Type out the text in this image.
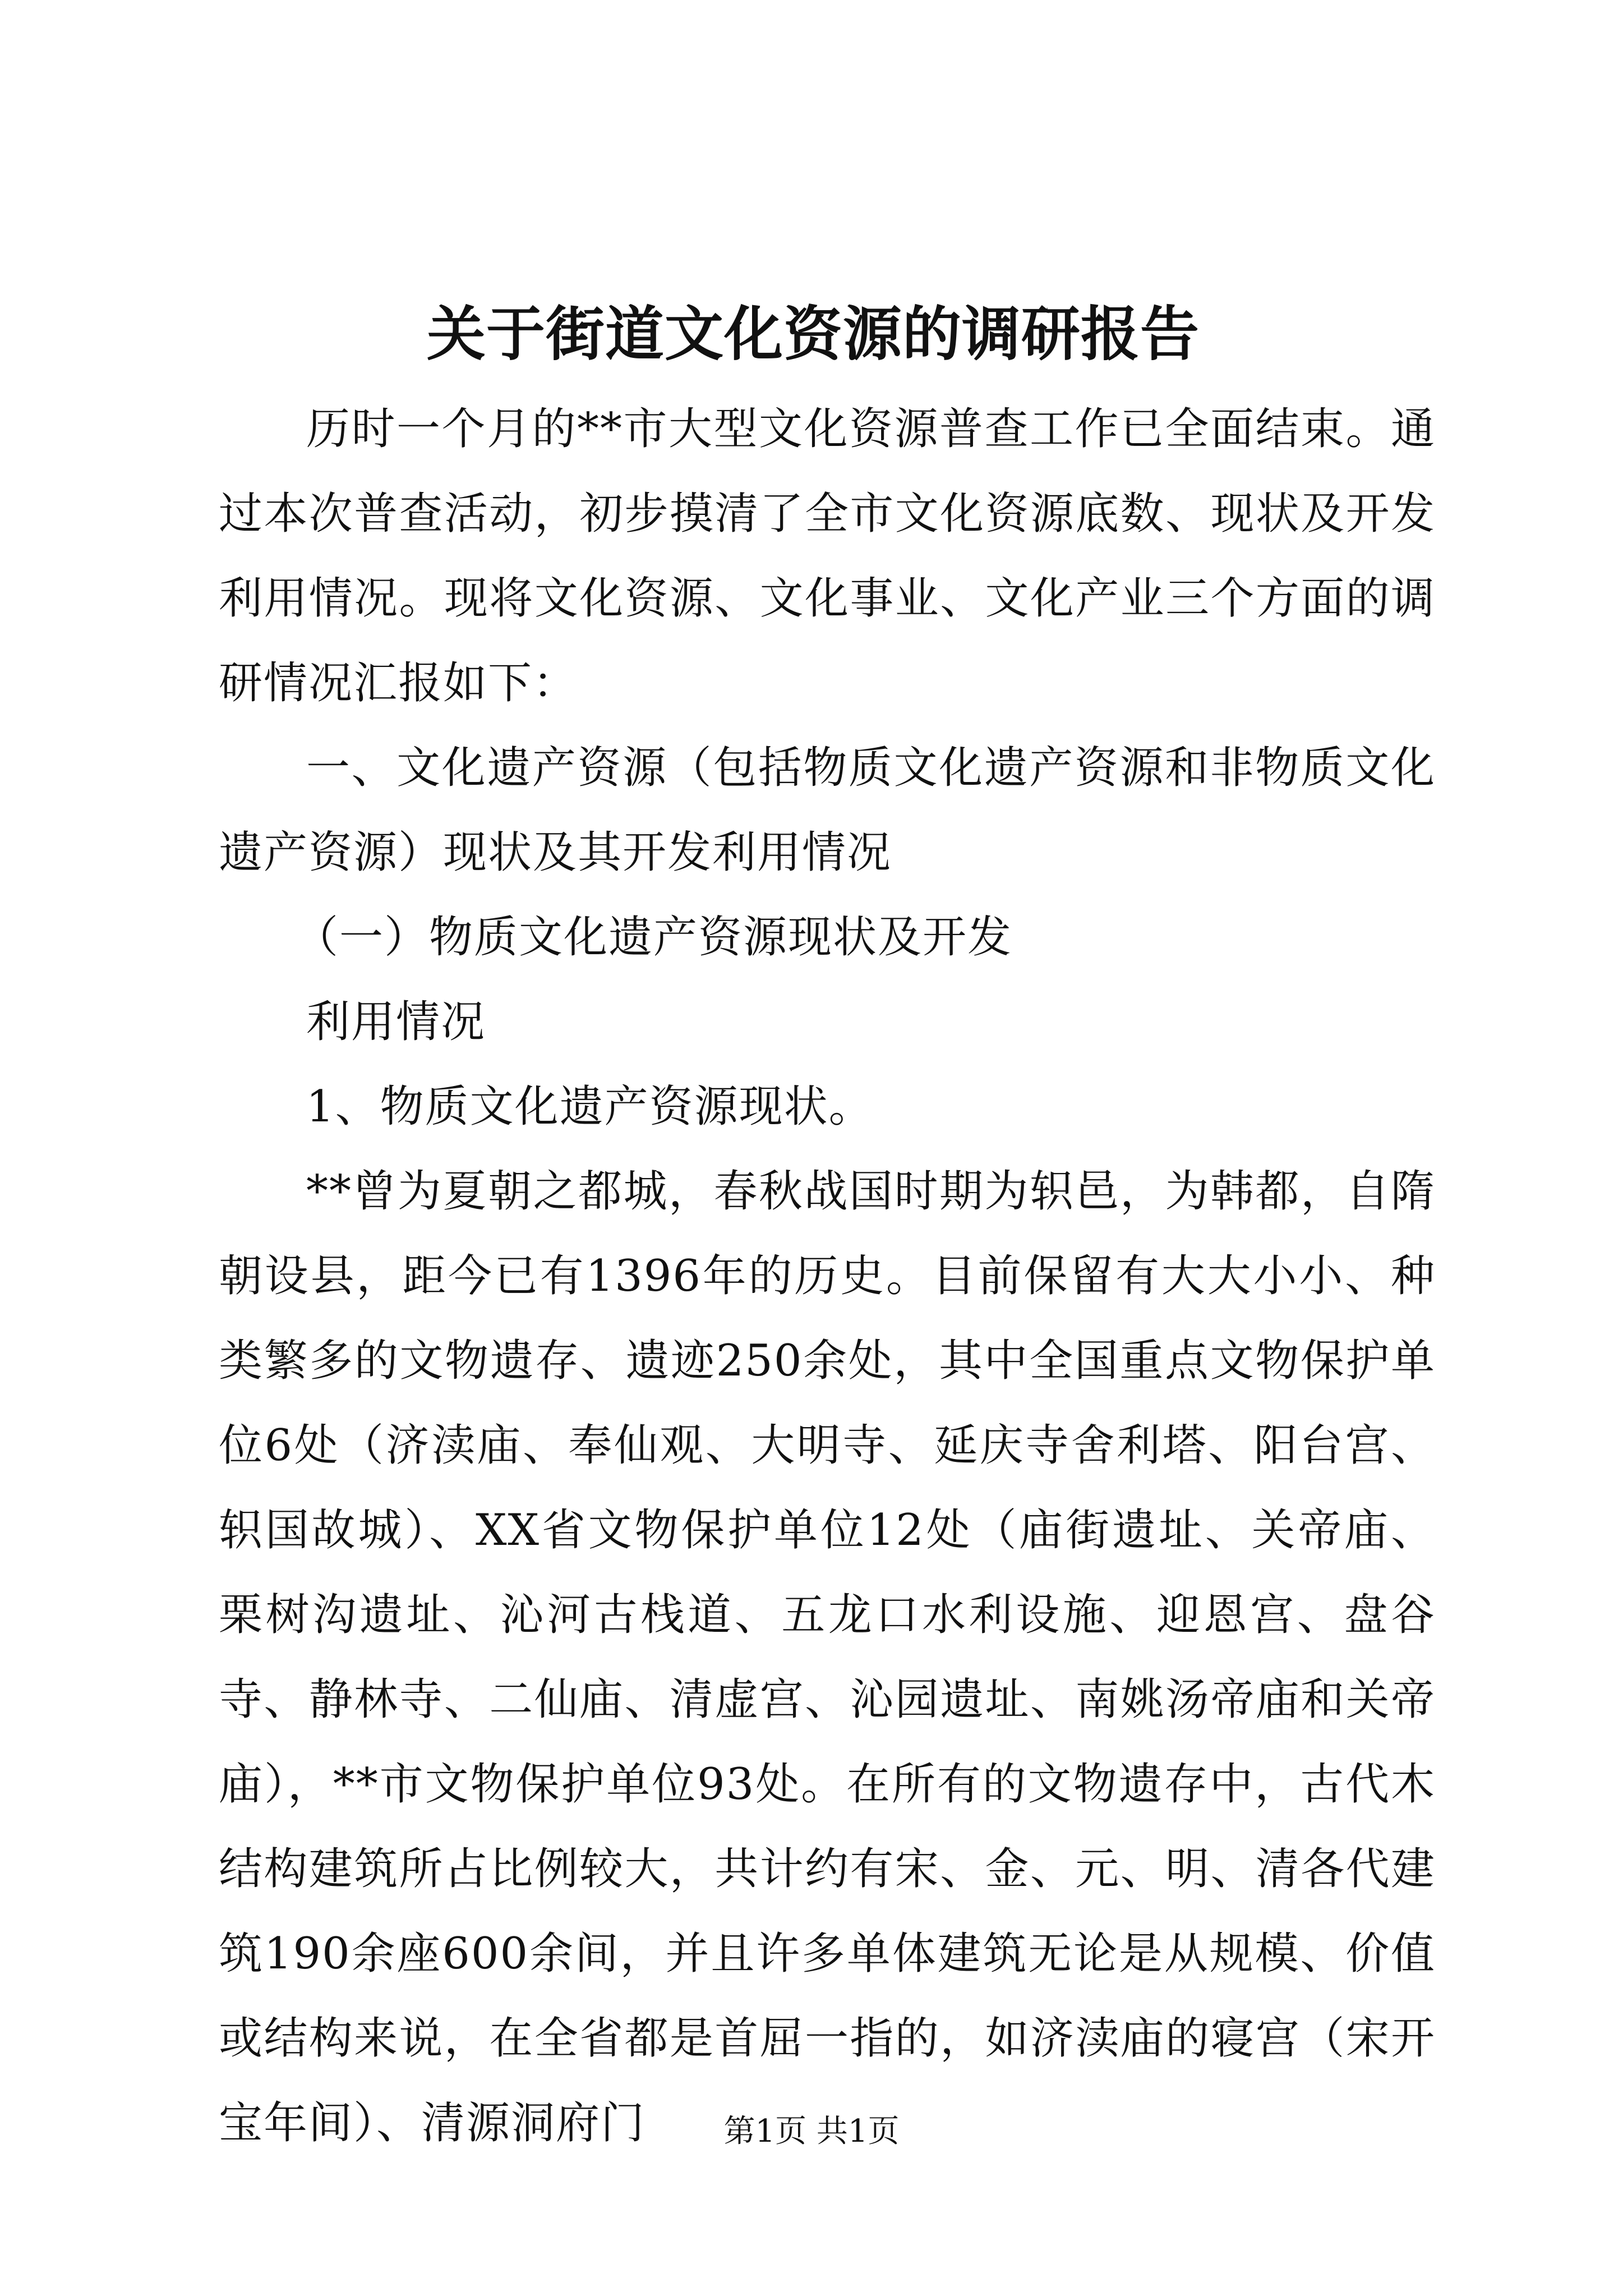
关于街道文化资源的调研报告

历时一个月的**市大型文化资源普查工作已全面结束。通过本次普查活动，初步摸清了全市文化资源底数、现状及开发利用情况。现将文化资源、文化事业、文化产业三个方面的调研情况汇报如下：

一、文化遗产资源（包括物质文化遗产资源和非物质文化遗产资源）现状及其开发利用情况

（一）物质文化遗产资源现状及开发

利用情况

1、物质文化遗产资源现状。

**曾为夏朝之都城，春秋战国时期为轵邑，为韩都，自隋朝设县，距今已有1396年的历史。目前保留有大大小小、种类繁多的文物遗存、遗迹250余处，其中全国重点文物保护单位6处（济渎庙、奉仙观、大明寺、延庆寺舍利塔、阳台宫、轵国故城）、XX省文物保护单位12处（庙街遗址、关帝庙、栗树沟遗址、沁河古栈道、五龙口水利设施、迎恩宫、盘谷寺、静林寺、二仙庙、清虚宫、沁园遗址、南姚汤帝庙和关帝庙），**市文物保护单位93处。在所有的文物遗存中，古代木结构建筑所占比例较大，共计约有宋、金、元、明、清各代建筑190余座600余间，并且许多单体建筑无论是从规模、价值或结构来说，在全省都是首屈一指的，如济渎庙的寝宫（宋开宝年间）、清源洞府门	第1页 共1页
